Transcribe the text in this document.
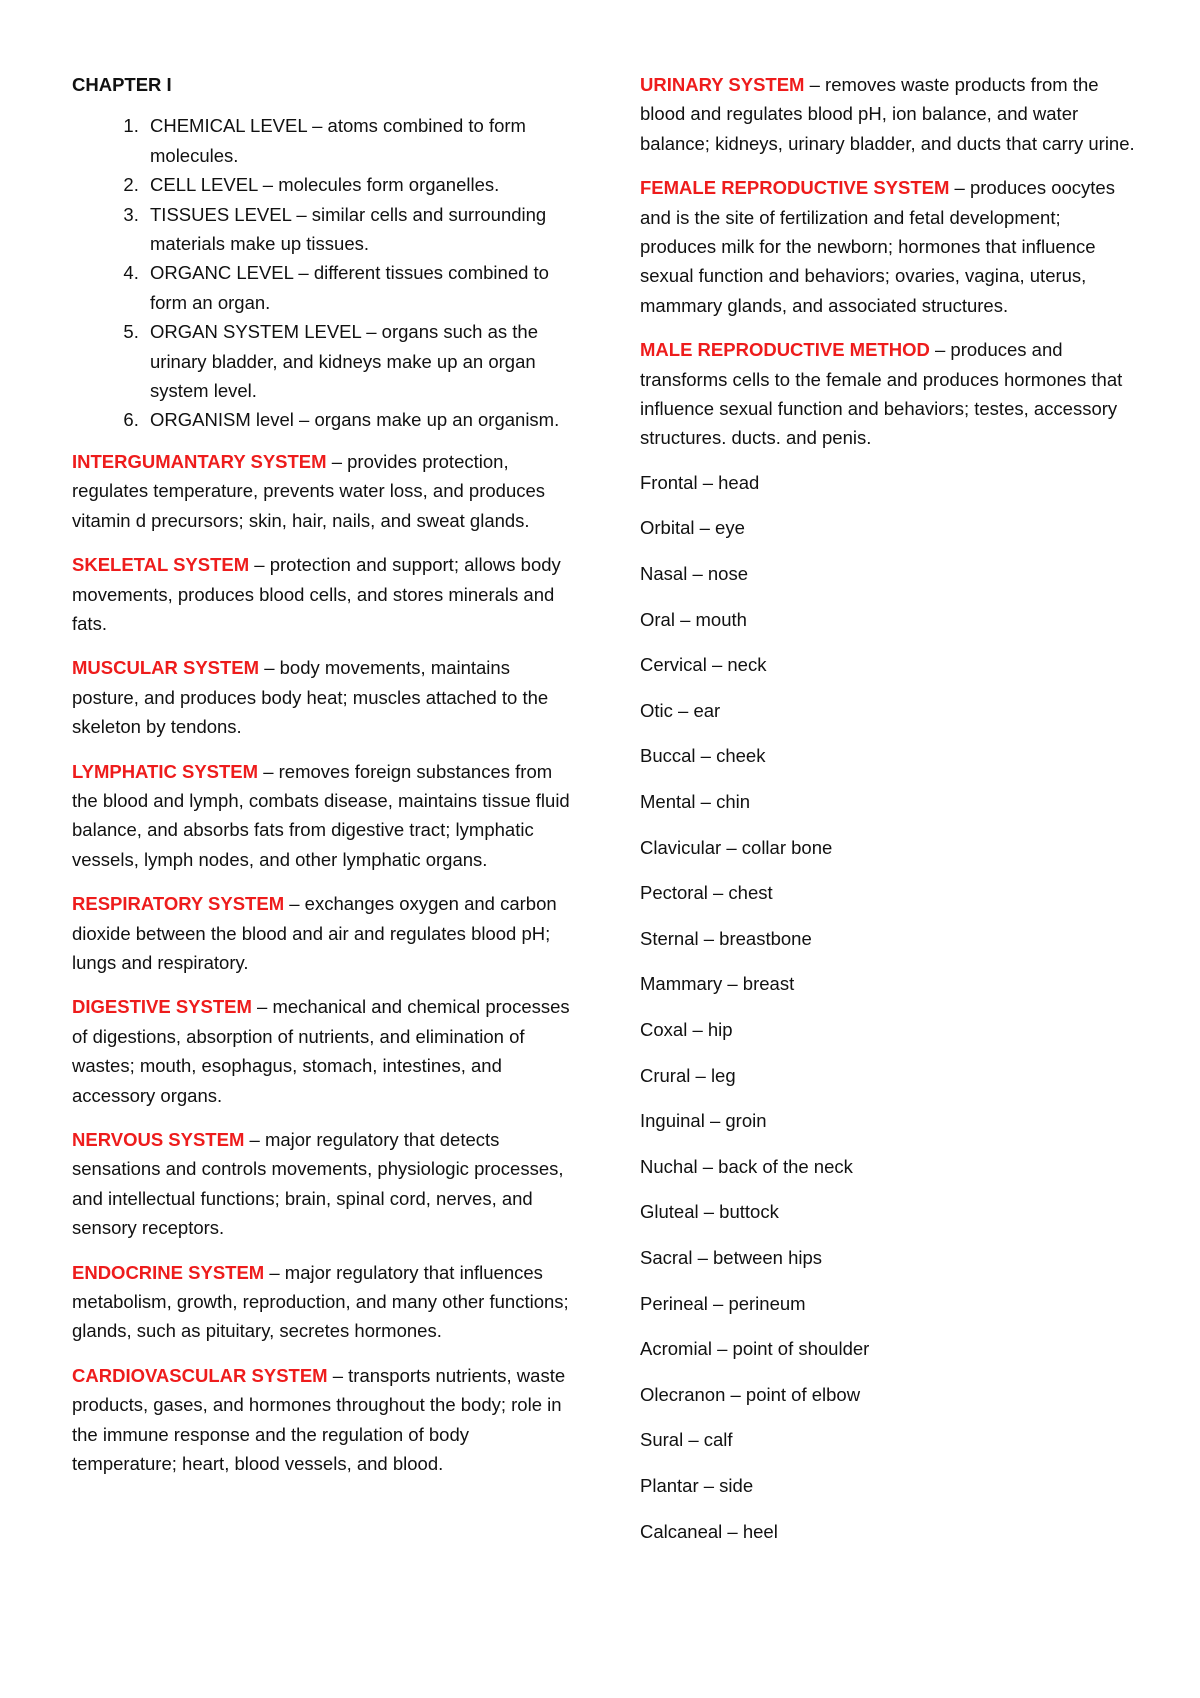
CHAPTER I
1. CHEMICAL LEVEL – atoms combined to form molecules.
2. CELL LEVEL – molecules form organelles.
3. TISSUES LEVEL – similar cells and surrounding materials make up tissues.
4. ORGANC LEVEL – different tissues combined to form an organ.
5. ORGAN SYSTEM LEVEL – organs such as the urinary bladder, and kidneys make up an organ system level.
6. ORGANISM level – organs make up an organism.

INTERGUMANTARY SYSTEM – provides protection, regulates temperature, prevents water loss, and produces vitamin d precursors; skin, hair, nails, and sweat glands.

SKELETAL SYSTEM – protection and support; allows body movements, produces blood cells, and stores minerals and fats.

MUSCULAR SYSTEM – body movements, maintains posture, and produces body heat; muscles attached to the skeleton by tendons.

LYMPHATIC SYSTEM – removes foreign substances from the blood and lymph, combats disease, maintains tissue fluid balance, and absorbs fats from digestive tract; lymphatic vessels, lymph nodes, and other lymphatic organs.

RESPIRATORY SYSTEM – exchanges oxygen and carbon dioxide between the blood and air and regulates blood pH; lungs and respiratory.

DIGESTIVE SYSTEM – mechanical and chemical processes of digestions, absorption of nutrients, and elimination of wastes; mouth, esophagus, stomach, intestines, and accessory organs.

NERVOUS SYSTEM – major regulatory that detects sensations and controls movements, physiologic processes, and intellectual functions; brain, spinal cord, nerves, and sensory receptors.

ENDOCRINE SYSTEM – major regulatory that influences metabolism, growth, reproduction, and many other functions; glands, such as pituitary, secretes hormones.

CARDIOVASCULAR SYSTEM – transports nutrients, waste products, gases, and hormones throughout the body; role in the immune response and the regulation of body temperature; heart, blood vessels, and blood.

URINARY SYSTEM – removes waste products from the blood and regulates blood pH, ion balance, and water balance; kidneys, urinary bladder, and ducts that carry urine.

FEMALE REPRODUCTIVE SYSTEM – produces oocytes and is the site of fertilization and fetal development; produces milk for the newborn; hormones that influence sexual function and behaviors; ovaries, vagina, uterus, mammary glands, and associated structures.

MALE REPRODUCTIVE METHOD – produces and transforms cells to the female and produces hormones that influence sexual function and behaviors; testes, accessory structures. ducts. and penis.

Frontal – head
Orbital – eye
Nasal – nose
Oral – mouth
Cervical – neck
Otic – ear
Buccal – cheek
Mental – chin
Clavicular – collar bone
Pectoral – chest
Sternal – breastbone
Mammary – breast
Coxal – hip
Crural – leg
Inguinal – groin
Nuchal – back of the neck
Gluteal – buttock
Sacral – between hips
Perineal – perineum
Acromial – point of shoulder
Olecranon – point of elbow
Sural – calf
Plantar – side
Calcaneal – heel
